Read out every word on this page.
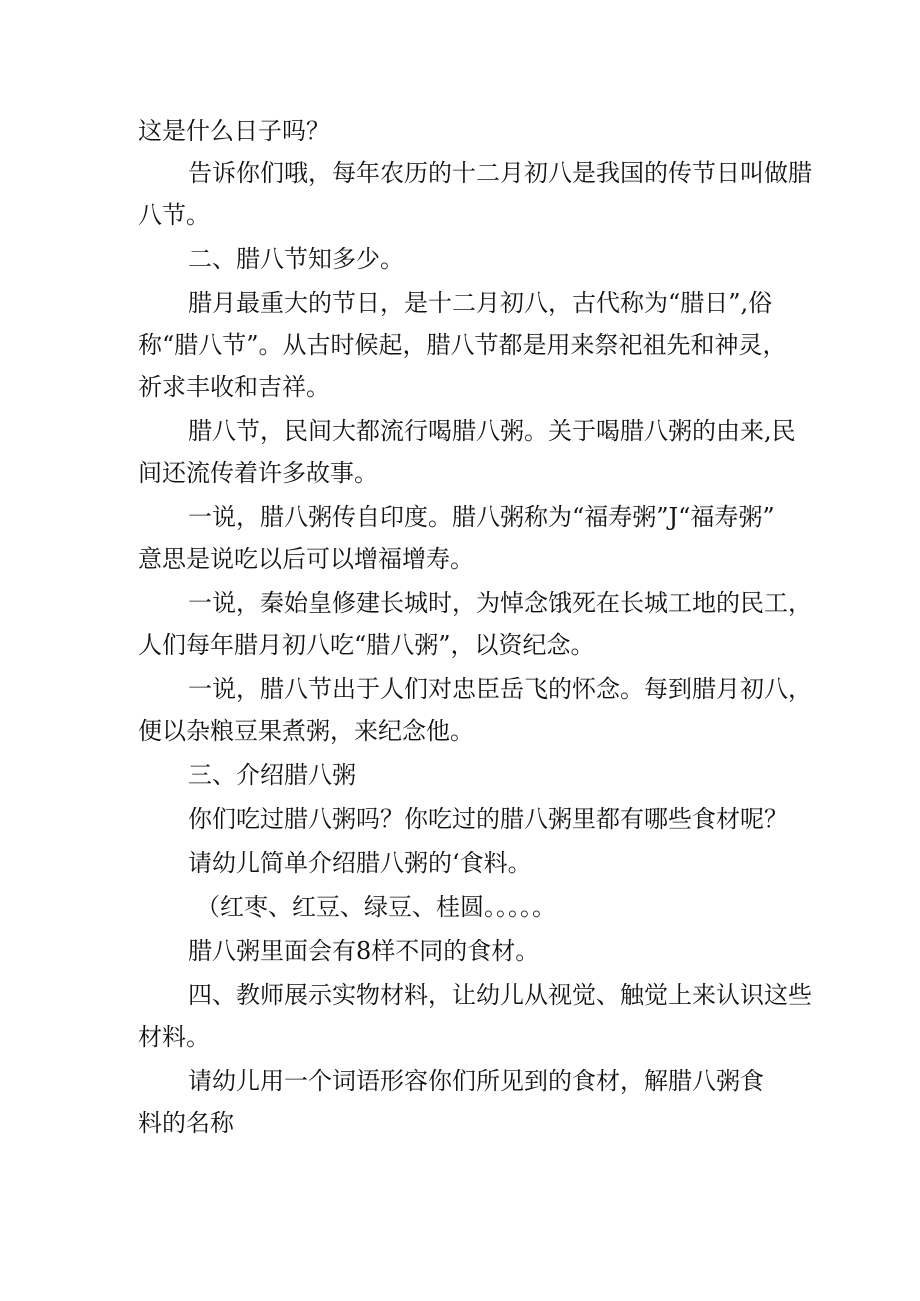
这是什么日子吗？

告诉你们哦，每年农历的十二月初八是我国的传节日叫做腊

八节。

二、腊八节知多少。

腊月最重大的节日，是十二月初八，古代称为“腊日”,俗

称“腊八节”。从古时候起，腊八节都是用来祭祀祖先和神灵，

祈求丰收和吉祥。

腊八节，民间大都流行喝腊八粥。关于喝腊八粥的由来,民

间还流传着许多故事。

一说，腊八粥传自印度。腊八粥称为“福寿粥”J“福寿粥”

意思是说吃以后可以增福增寿。

一说，秦始皇修建长城时，为悼念饿死在长城工地的民工，

人们每年腊月初八吃“腊八粥”，以资纪念。

一说，腊八节出于人们对忠臣岳飞的怀念。每到腊月初八，

便以杂粮豆果煮粥，来纪念他。

三、介绍腊八粥

你们吃过腊八粥吗？你吃过的腊八粥里都有哪些食材呢？

请幼儿简单介绍腊八粥的‘食料。

（红枣、红豆、绿豆、桂圆。。。。。

腊八粥里面会有8样不同的食材。

四、教师展示实物材料，让幼儿从视觉、触觉上来认识这些

材料。

请幼儿用一个词语形容你们所见到的食材，解腊八粥食

料的名称
